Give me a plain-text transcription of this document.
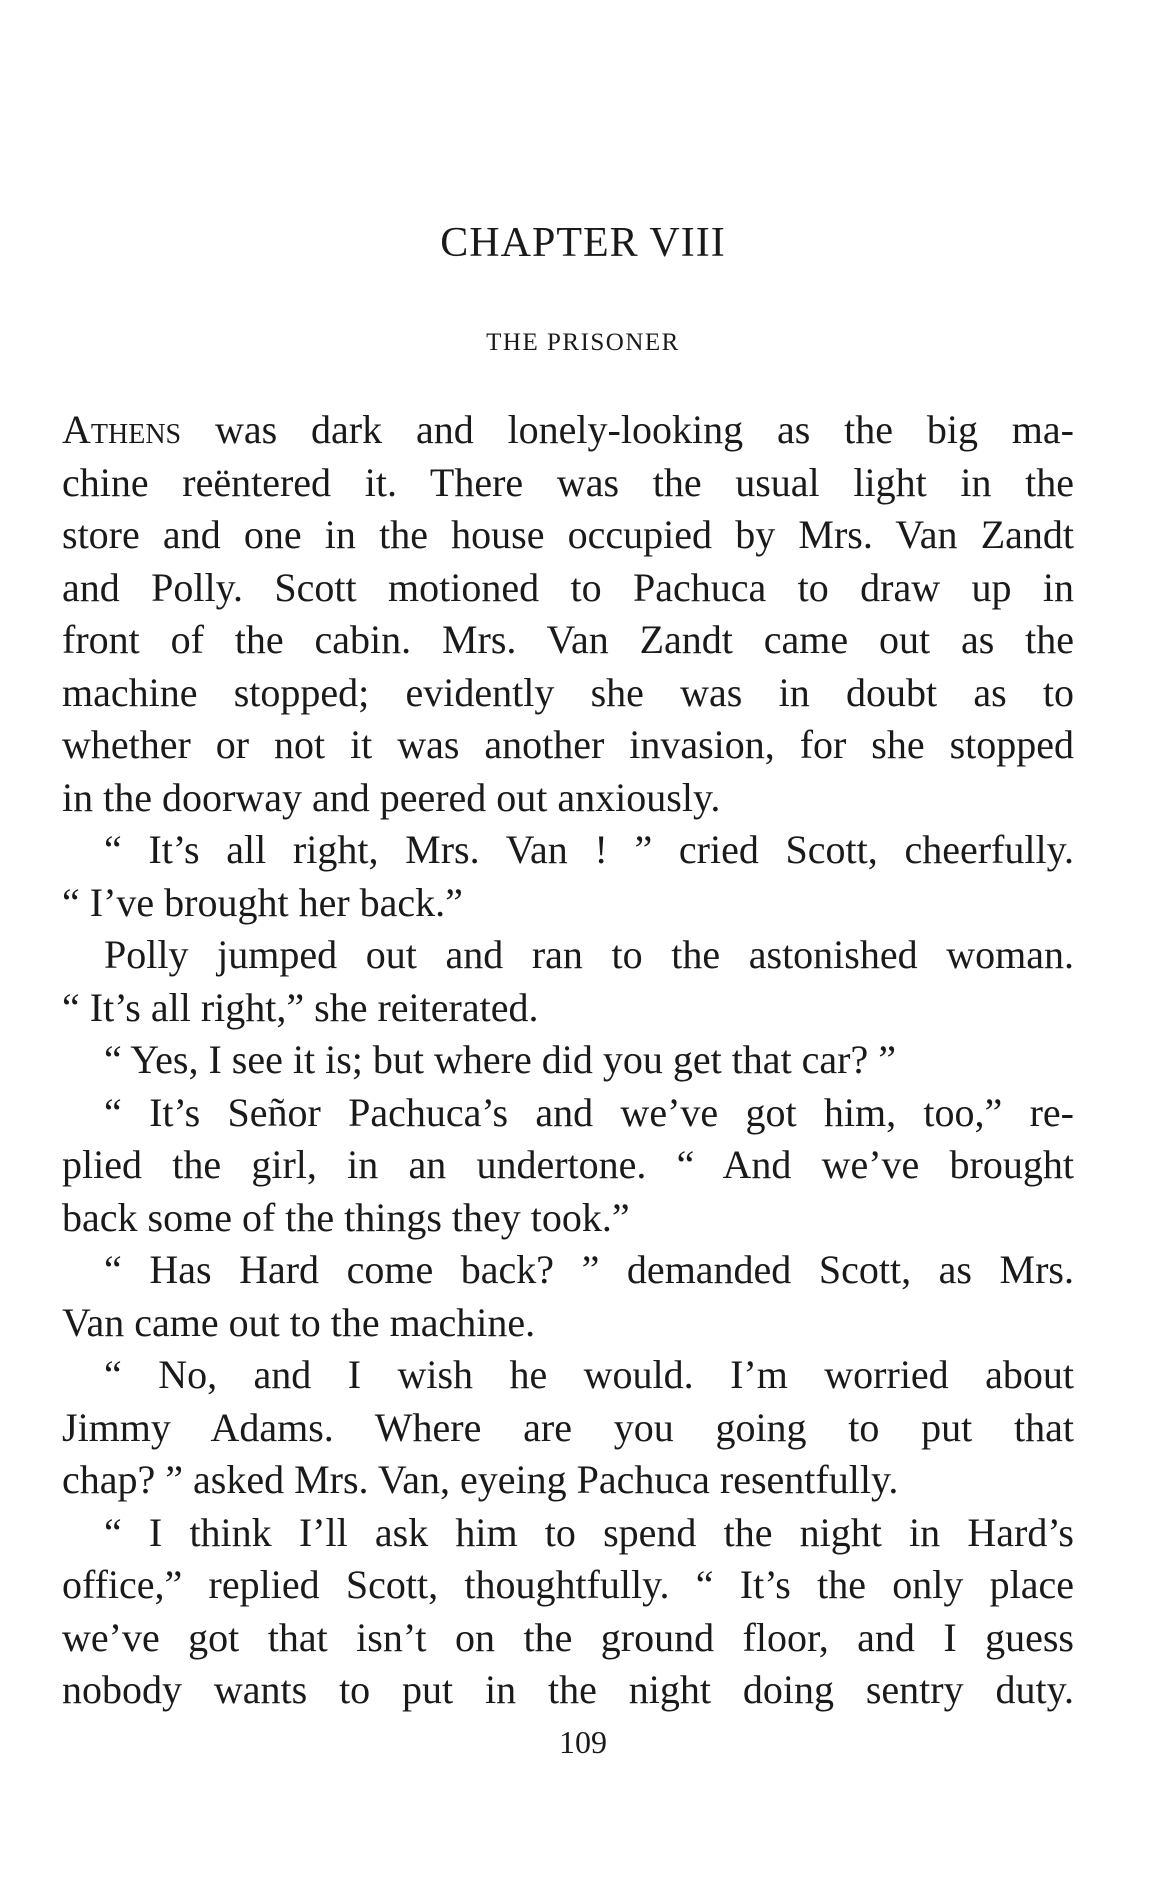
CHAPTER VIII
THE PRISONER
Athens was dark and lonely-looking as the big ma-
chine reëntered it. There was the usual light in the
store and one in the house occupied by Mrs. Van Zandt
and Polly. Scott motioned to Pachuca to draw up in
front of the cabin. Mrs. Van Zandt came out as the
machine stopped; evidently she was in doubt as to
whether or not it was another invasion, for she stopped
in the doorway and peered out anxiously.
“ It’s all right, Mrs. Van ! ” cried Scott, cheerfully.
“ I’ve brought her back.”
Polly jumped out and ran to the astonished woman.
“ It’s all right,” she reiterated.
“ Yes, I see it is; but where did you get that car? ”
“ It’s Señor Pachuca’s and we’ve got him, too,” re-
plied the girl, in an undertone. “ And we’ve brought
back some of the things they took.”
“ Has Hard come back? ” demanded Scott, as Mrs.
Van came out to the machine.
“ No, and I wish he would. I’m worried about
Jimmy Adams. Where are you going to put that
chap? ” asked Mrs. Van, eyeing Pachuca resentfully.
“ I think I’ll ask him to spend the night in Hard’s
office,” replied Scott, thoughtfully. “ It’s the only place
we’ve got that isn’t on the ground floor, and I guess
nobody wants to put in the night doing sentry duty.
109
